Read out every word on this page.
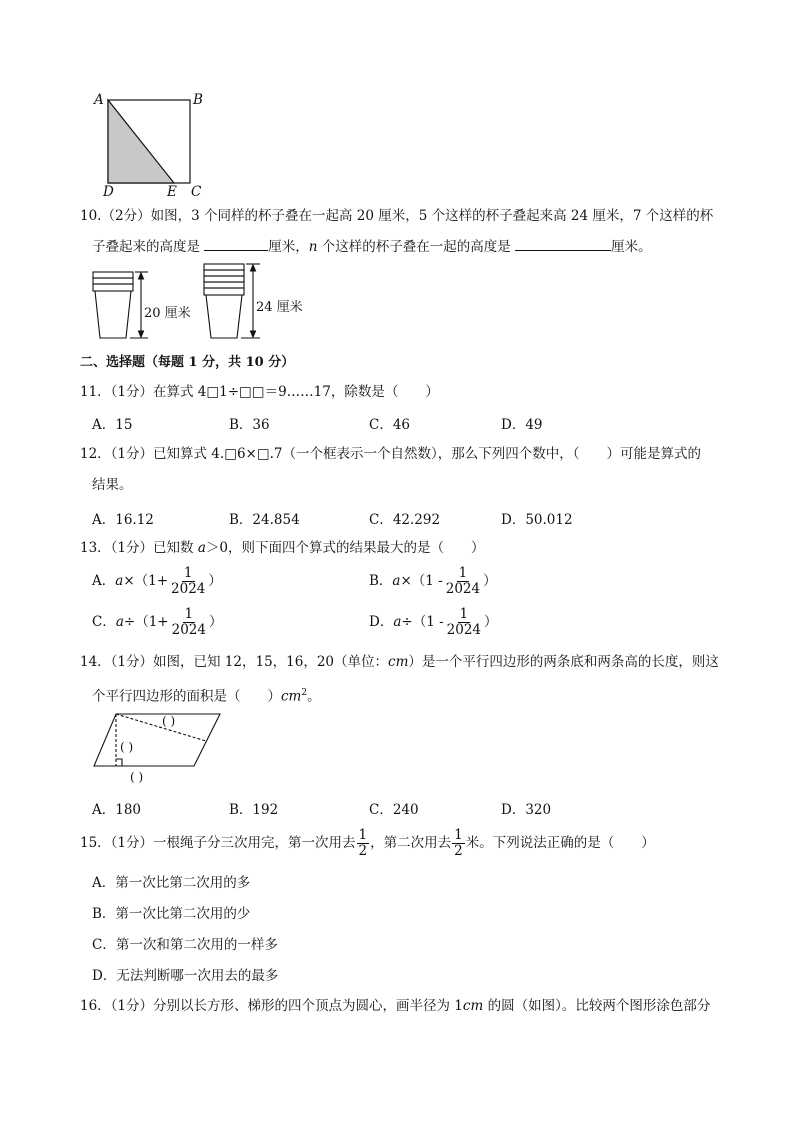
A	B
D	E C
10.（2分）如图，3 个同样的杯子叠在一起高 20 厘米，5 个这样的杯子叠起来高 24 厘米，7 个这样的杯
子叠起来的高度是	厘米，n 个这样的杯子叠在一起的高度是	厘米。
20 厘米	24 厘米
二、选择题（每题 1 分，共 10 分）
11．（1分）在算式 4□1÷□□＝9……17，除数是（　　）
A．15	B．36	C．46	D．49
12．（1分）已知算式 4.□6×□.7（一个框表示一个自然数），那么下列四个数中，（　　）可能是算式的
结果。
A．16.12	B．24.854	C．42.292	D．50.012
13．（1分）已知数 a＞0，则下面四个算式的结果最大的是（　　）
A．$a\times(1+ \frac{1}{2024}$ ）	B．$a\times(1 - \frac{1}{2024}$ ）
C．$a\div(1+ \frac{1}{2024}$ ）	D．$a\div(1 - \frac{1}{2024}$ ）
14．（1分）如图，已知 12，15，16，20（单位：cm）是一个平行四边形的两条底和两条高的长度，则这
个平行四边形的面积是（　　）$cm^2$。
( )
( )
( )
A．180	B．192	C．240	D．320
15．（1分）一根绳子分三次用完，第一次用去 $\frac{1}{2}$ ，第二次用去 $\frac{1}{2}$ 米。下列说法正确的是（　　）
A．第一次比第二次用的多
B．第一次比第二次用的少
C．第一次和第二次用的一样多
D．无法判断哪一次用去的最多
16．（1分）分别以长方形、梯形的四个顶点为圆心，画半径为 1cm 的圆（如图）。比较两个图形涂色部分
